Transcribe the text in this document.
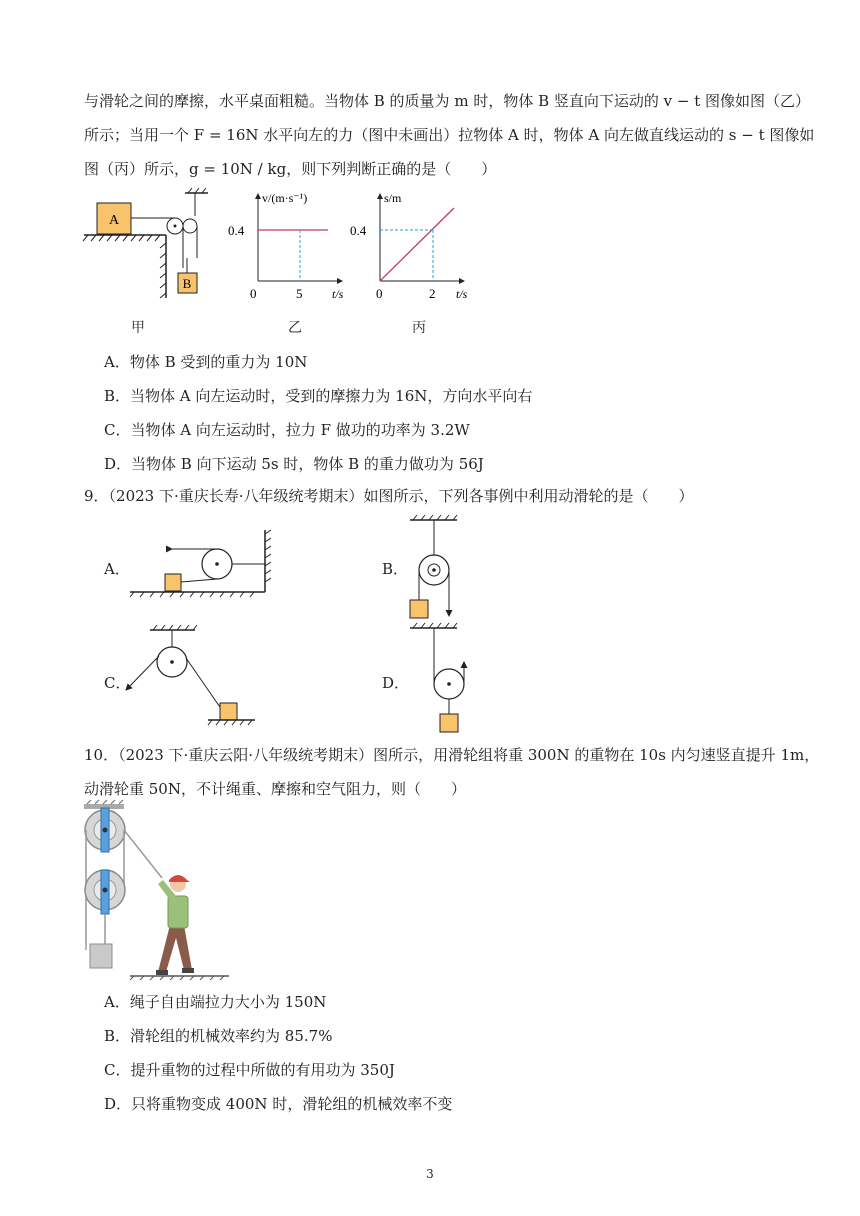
与滑轮之间的摩擦，水平桌面粗糙。当物体 B 的质量为 m 时，物体 B 竖直向下运动的 v − t 图像如图（乙）
所示；当用一个 F = 16N 水平向左的力（图中未画出）拉物体 A 时，物体 A 向左做直线运动的 s − t 图像如
图（丙）所示，g = 10N / kg，则下列判断正确的是（　　）
A
B
甲
v/(m·s⁻¹)
0.4
0	5 t/s
乙
s/m
0.4
0	2 t/s
丙
A．物体 B 受到的重力为 10N
B．当物体 A 向左运动时，受到的摩擦力为 16N，方向水平向右
C．当物体 A 向左运动时，拉力 F 做功的功率为 3.2W
D．当物体 B 向下运动 5s 时，物体 B 的重力做功为 56J
9．（2023 下·重庆长寿·八年级统考期末）如图所示，下列各事例中利用动滑轮的是（　　）
A．	B．
C．	D．
10．（2023 下·重庆云阳·八年级统考期末）图所示，用滑轮组将重 300N 的重物在 10s 内匀速竖直提升 1m，
动滑轮重 50N，不计绳重、摩擦和空气阻力，则（　　）
A．绳子自由端拉力大小为 150N
B．滑轮组的机械效率约为 85.7%
C．提升重物的过程中所做的有用功为 350J
D．只将重物变成 400N 时，滑轮组的机械效率不变
3
